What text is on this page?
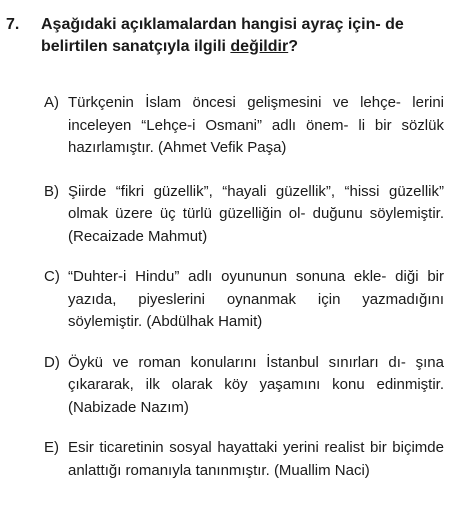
7. Aşağıdaki açıklamalardan hangisi ayraç için- de belirtilen sanatçıyla ilgili değildir?
A) Türkçenin İslam öncesi gelişmesini ve lehçe- lerini inceleyen “Lehçe-i Osmani” adlı önem- li bir sözlük hazırlamıştır. (Ahmet Vefik Paşa)
B) Şiirde “fikri güzellik”, “hayali güzellik”, “hissi güzellik” olmak üzere üç türlü güzelliğin ol- duğunu söylemiştir. (Recaizade Mahmut)
C) “Duhter-i Hindu” adlı oyununun sonuna ekle- diği bir yazıda, piyeslerini oynanmak için yazmadığını söylemiştir. (Abdülhak Hamit)
D) Öykü ve roman konularını İstanbul sınırları dı- şına çıkararak, ilk olarak köy yaşamını konu edinmiştir. (Nabizade Nazım)
E) Esir ticaretinin sosyal hayattaki yerini realist bir biçimde anlattığı romanıyla tanınmıştır. (Muallim Naci)
